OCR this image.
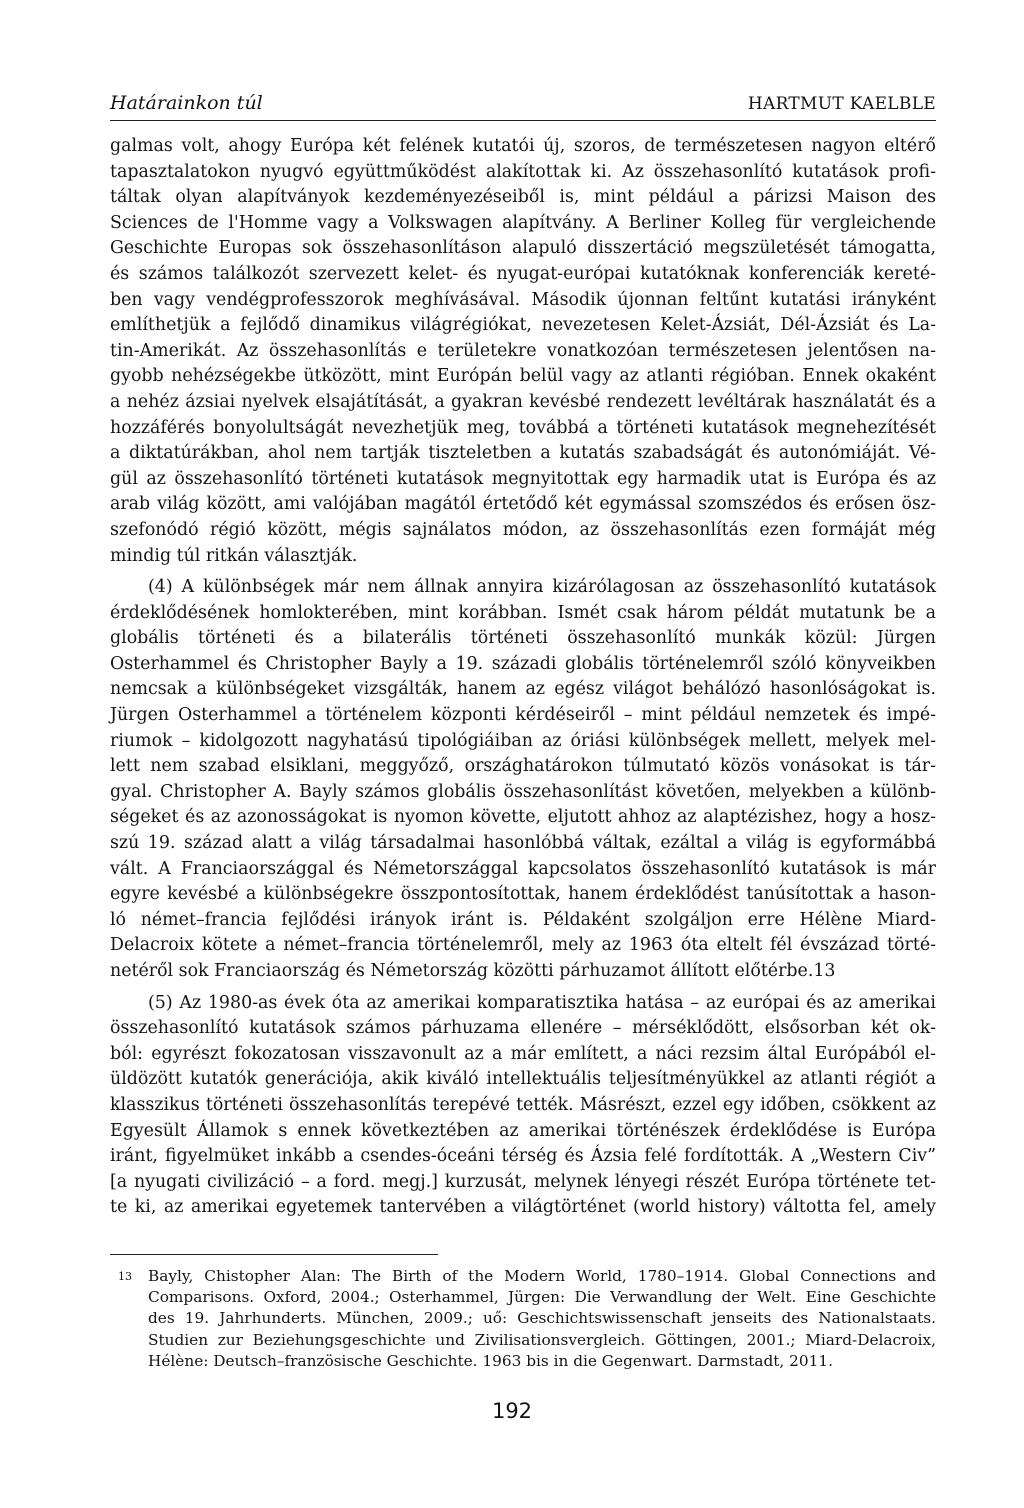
Határainkon túl	HARTMUT KAELBLE
galmas volt, ahogy Európa két felének kutatói új, szoros, de természetesen nagyon eltérő
tapasztalatokon nyugvó együttműködést alakítottak ki. Az összehasonlító kutatások profi-
táltak olyan alapítványok kezdeményezéseiből is, mint például a párizsi Maison des
Sciences de l'Homme vagy a Volkswagen alapítvány. A Berliner Kolleg für vergleichende
Geschichte Europas sok összehasonlításon alapuló disszertáció megszületését támogatta,
és számos találkozót szervezett kelet- és nyugat-európai kutatóknak konferenciák kereté-
ben vagy vendégprofesszorok meghívásával. Második újonnan feltűnt kutatási irányként
említhetjük a fejlődő dinamikus világrégiókat, nevezetesen Kelet-Ázsiát, Dél-Ázsiát és La-
tin-Amerikát. Az összehasonlítás e területekre vonatkozóan természetesen jelentősen na-
gyobb nehézségekbe ütközött, mint Európán belül vagy az atlanti régióban. Ennek okaként
a nehéz ázsiai nyelvek elsajátítását, a gyakran kevésbé rendezett levéltárak használatát és a
hozzáférés bonyolultságát nevezhetjük meg, továbbá a történeti kutatások megnehezítését
a diktatúrákban, ahol nem tartják tiszteletben a kutatás szabadságát és autonómiáját. Vé-
gül az összehasonlító történeti kutatások megnyitottak egy harmadik utat is Európa és az
arab világ között, ami valójában magától értetődő két egymással szomszédos és erősen ösz-
szefonódó régió között, mégis sajnálatos módon, az összehasonlítás ezen formáját még
mindig túl ritkán választják.
(4) A különbségek már nem állnak annyira kizárólagosan az összehasonlító kutatások
érdeklődésének homlokterében, mint korábban. Ismét csak három példát mutatunk be a
globális történeti és a bilaterális történeti összehasonlító munkák közül: Jürgen
Osterhammel és Christopher Bayly a 19. századi globális történelemről szóló könyveikben
nemcsak a különbségeket vizsgálták, hanem az egész világot behálózó hasonlóságokat is.
Jürgen Osterhammel a történelem központi kérdéseiről – mint például nemzetek és impé-
riumok – kidolgozott nagyhatású tipológiáiban az óriási különbségek mellett, melyek mel-
lett nem szabad elsiklani, meggyőző, országhatárokon túlmutató közös vonásokat is tár-
gyal. Christopher A. Bayly számos globális összehasonlítást követően, melyekben a különb-
ségeket és az azonosságokat is nyomon követte, eljutott ahhoz az alaptézishez, hogy a hosz-
szú 19. század alatt a világ társadalmai hasonlóbbá váltak, ezáltal a világ is egyformábbá
vált. A Franciaországgal és Németországgal kapcsolatos összehasonlító kutatások is már
egyre kevésbé a különbségekre összpontosítottak, hanem érdeklődést tanúsítottak a hason-
ló német–francia fejlődési irányok iránt is. Példaként szolgáljon erre Hélène Miard-
Delacroix kötete a német–francia történelemről, mely az 1963 óta eltelt fél évszázad törté-
netéről sok Franciaország és Németország közötti párhuzamot állított előtérbe.13
(5) Az 1980-as évek óta az amerikai komparatisztika hatása – az európai és az amerikai
összehasonlító kutatások számos párhuzama ellenére – mérséklődött, elsősorban két ok-
ból: egyrészt fokozatosan visszavonult az a már említett, a náci rezsim által Európából el-
üldözött kutatók generációja, akik kiváló intellektuális teljesítményükkel az atlanti régiót a
klasszikus történeti összehasonlítás terepévé tették. Másrészt, ezzel egy időben, csökkent az
Egyesült Államok s ennek következtében az amerikai történészek érdeklődése is Európa
iránt, figyelmüket inkább a csendes-óceáni térség és Ázsia felé fordították. A „Western Civ”
[a nyugati civilizáció – a ford. megj.] kurzusát, melynek lényegi részét Európa története tet-
te ki, az amerikai egyetemek tantervében a világtörténet (world history) váltotta fel, amely
13 Bayly, Chistopher Alan: The Birth of the Modern World, 1780–1914. Global Connections and
Comparisons. Oxford, 2004.; Osterhammel, Jürgen: Die Verwandlung der Welt. Eine Geschichte
des 19. Jahrhunderts. München, 2009.; uő: Geschichtswissenschaft jenseits des Nationalstaats.
Studien zur Beziehungsgeschichte und Zivilisationsvergleich. Göttingen, 2001.; Miard-Delacroix,
Hélène: Deutsch–französische Geschichte. 1963 bis in die Gegenwart. Darmstadt, 2011.
192
